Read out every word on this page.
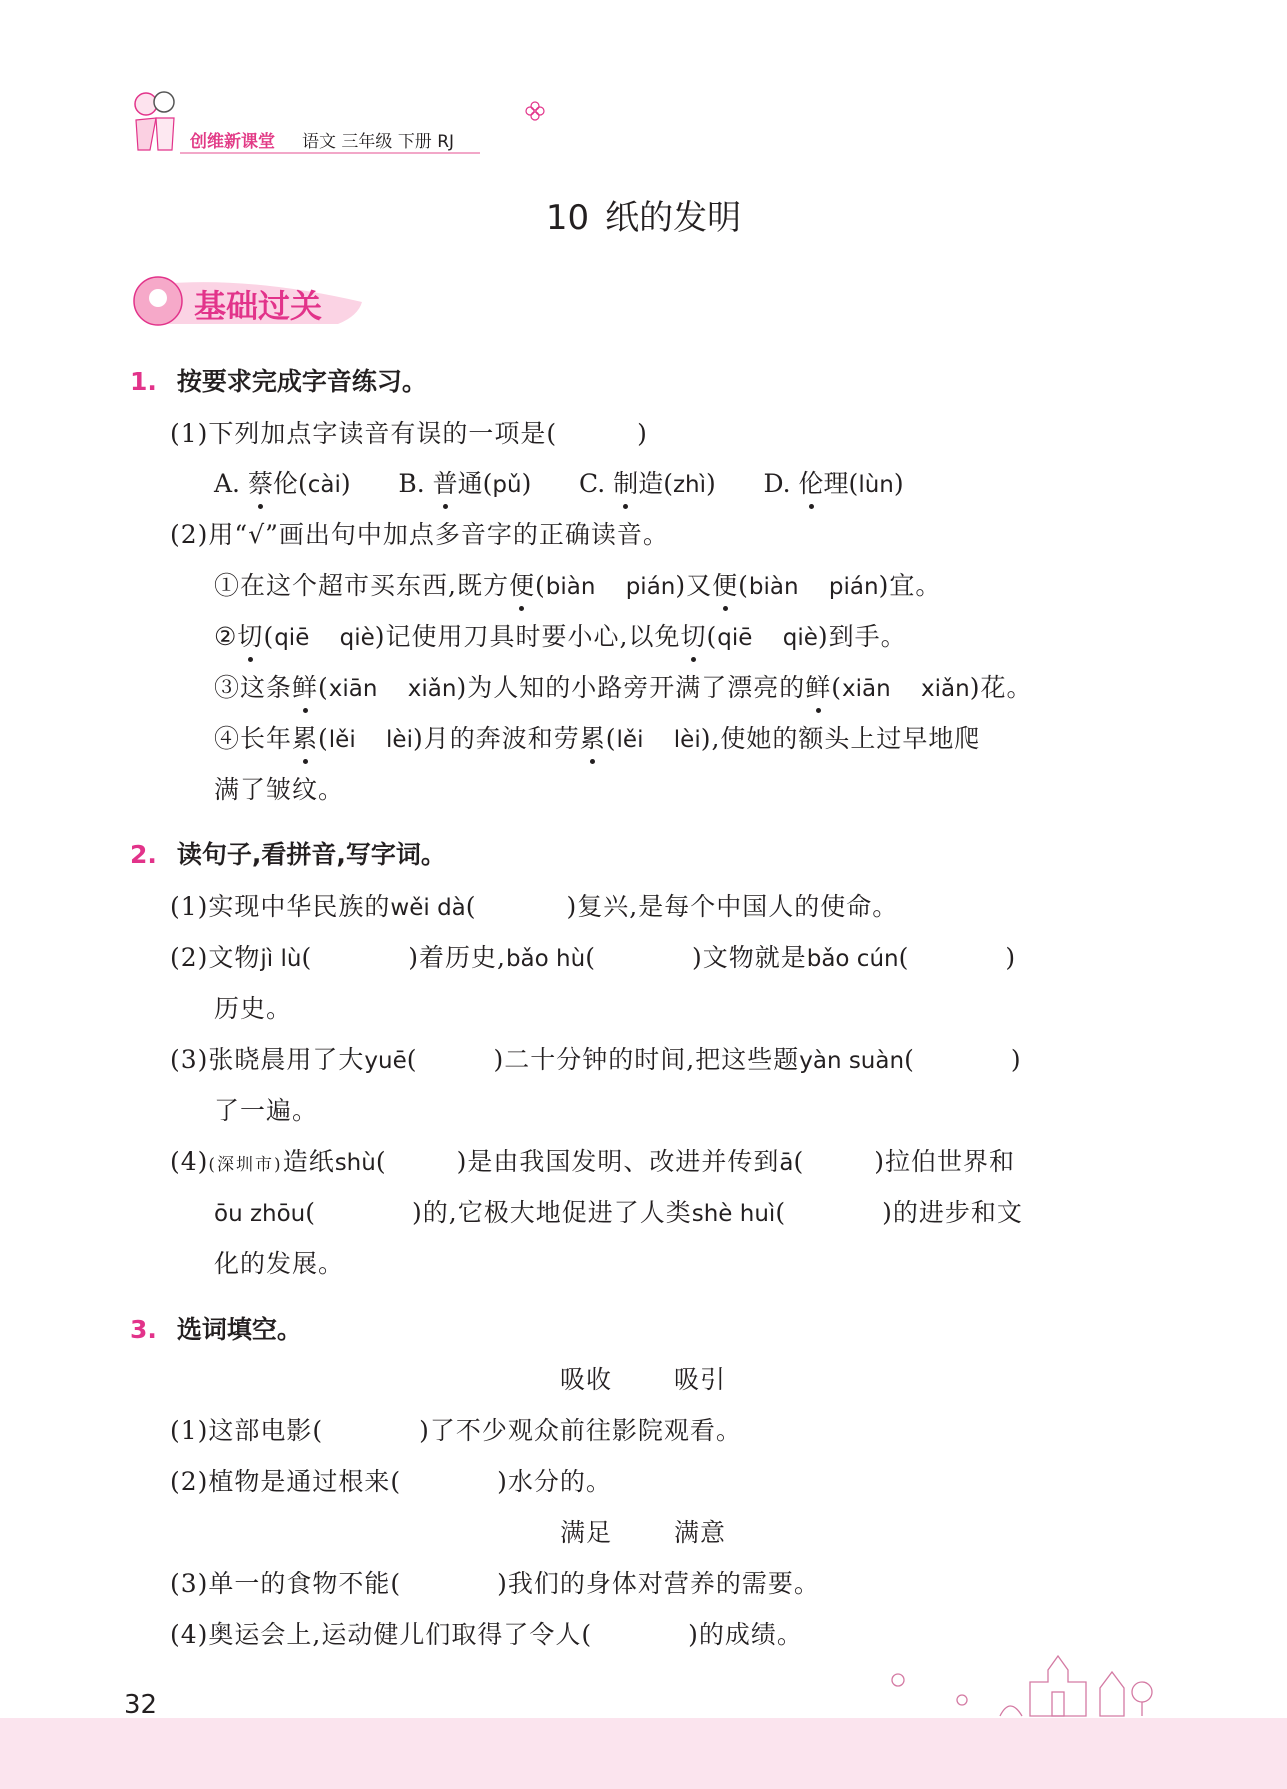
创维新课堂 语文 三年级 下册 RJ
10 纸的发明
基础过关
1. 按要求完成字音练习。
(1)下列加点字读音有误的一项是(	)
A. 蔡伦(cài) B. 普通(pǔ) C. 制造(zhì) D. 伦理(lùn)
(2)用“√”画出句中加点多音字的正确读音。
①在这个超市买东西,既方便(biàn　 pián)又便(biàn　 pián)宜。
②切(qiē　 qiè)记使用刀具时要小心,以免切(qiē　 qiè)到手。
③这条鲜(xiān　 xiǎn)为人知的小路旁开满了漂亮的鲜(xiān　 xiǎn)花。
④长年累(lěi　 lèi)月的奔波和劳累(lěi　 lèi),使她的额头上过早地爬
满了皱纹。
2. 读句子,看拼音,写字词。
(1)实现中华民族的wěi dà(	)复兴,是每个中国人的使命。
(2)文物jì lù(	)着历史,bǎo hù(	)文物就是bǎo cún(	)
历史。
(3)张晓晨用了大yuē(	)二十分钟的时间,把这些题yàn suàn(	)
了一遍。
(4)(深圳市)造纸shù(	)是由我国发明、改进并传到ā(	)拉伯世界和
ōu zhōu(	)的,它极大地促进了人类shè huì(	)的进步和文
化的发展。
3. 选词填空。
吸收 吸引
(1)这部电影(	)了不少观众前往影院观看。
(2)植物是通过根来(	)水分的。
满足 满意
(3)单一的食物不能(	)我们的身体对营养的需要。
(4)奥运会上,运动健儿们取得了令人(	)的成绩。
32
